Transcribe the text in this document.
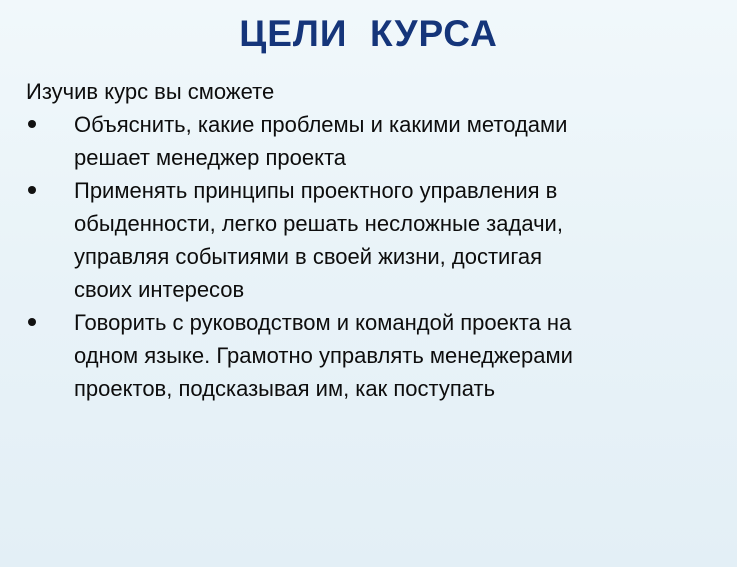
ЦЕЛИ  КУРСА

Изучив курс вы сможете

Объяснить, какие проблемы и какими методами
решает менеджер проекта
Применять принципы проектного управления в
обыденности, легко решать несложные задачи,
управляя событиями в своей жизни, достигая
своих интересов
Говорить с руководством и командой проекта на
одном языке. Грамотно управлять менеджерами
проектов, подсказывая им, как поступать
